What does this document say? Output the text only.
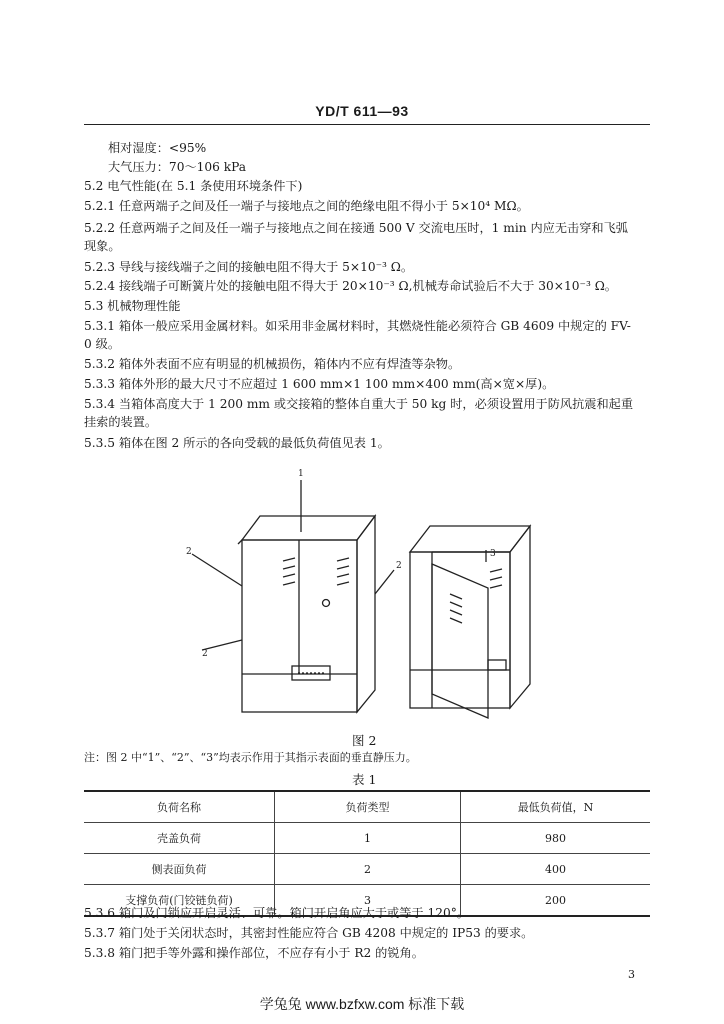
YD/T 611—93
相对湿度：<95%
大气压力：70～106 kPa
5.2 电气性能(在 5.1 条使用环境条件下)
5.2.1 任意两端子之间及任一端子与接地点之间的绝缘电阻不得小于 5×10⁴ MΩ。
5.2.2 任意两端子之间及任一端子与接地点之间在接通 500 V 交流电压时，1 min 内应无击穿和飞弧
现象。
5.2.3 导线与接线端子之间的接触电阻不得大于 5×10⁻³ Ω。
5.2.4 接线端子可断簧片处的接触电阻不得大于 20×10⁻³ Ω,机械寿命试验后不大于 30×10⁻³ Ω。
5.3 机械物理性能
5.3.1 箱体一般应采用金属材料。如采用非金属材料时，其燃烧性能必须符合 GB 4609 中规定的 FV-
0 级。
5.3.2 箱体外表面不应有明显的机械损伤，箱体内不应有焊渣等杂物。
5.3.3 箱体外形的最大尺寸不应超过 1 600 mm×1 100 mm×400 mm(高×宽×厚)。
5.3.4 当箱体高度大于 1 200 mm 或交接箱的整体自重大于 50 kg 时，必须设置用于防风抗震和起重
挂索的装置。
5.3.5 箱体在图 2 所示的各向受载的最低负荷值见表 1。
1
2
2
2
3
图 2
注：图 2 中“1”、“2”、“3”均表示作用于其指示表面的垂直静压力。
表 1
负荷名称	负荷类型	最低负荷值，N
壳盖负荷	1	980
侧表面负荷	2	400
支撑负荷(门铰链负荷)	3	200
5.3.6 箱门及门锁应开启灵活、可靠。箱门开启角应大于或等于 120°。
5.3.7 箱门处于关闭状态时，其密封性能应符合 GB 4208 中规定的 IP53 的要求。
5.3.8 箱门把手等外露和操作部位，不应存有小于 R2 的锐角。
3
学兔兔 www.bzfxw.com 标准下载
